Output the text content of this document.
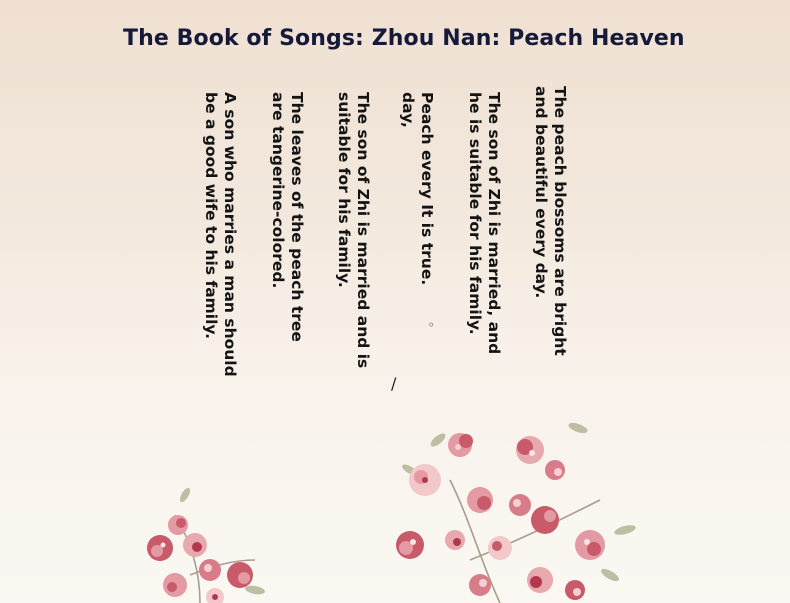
The Book of Songs: Zhou Nan: Peach Heaven

The peach blossoms are bright and beautiful every day.

The son of Zhi is married, and he is suitable for his family.

Peach every It is true. day,

The son of Zhi is married and is suitable for his family.

The leaves of the peach tree are tangerine-colored.

A son who marries a man should be a good wife to his family.	。
/
